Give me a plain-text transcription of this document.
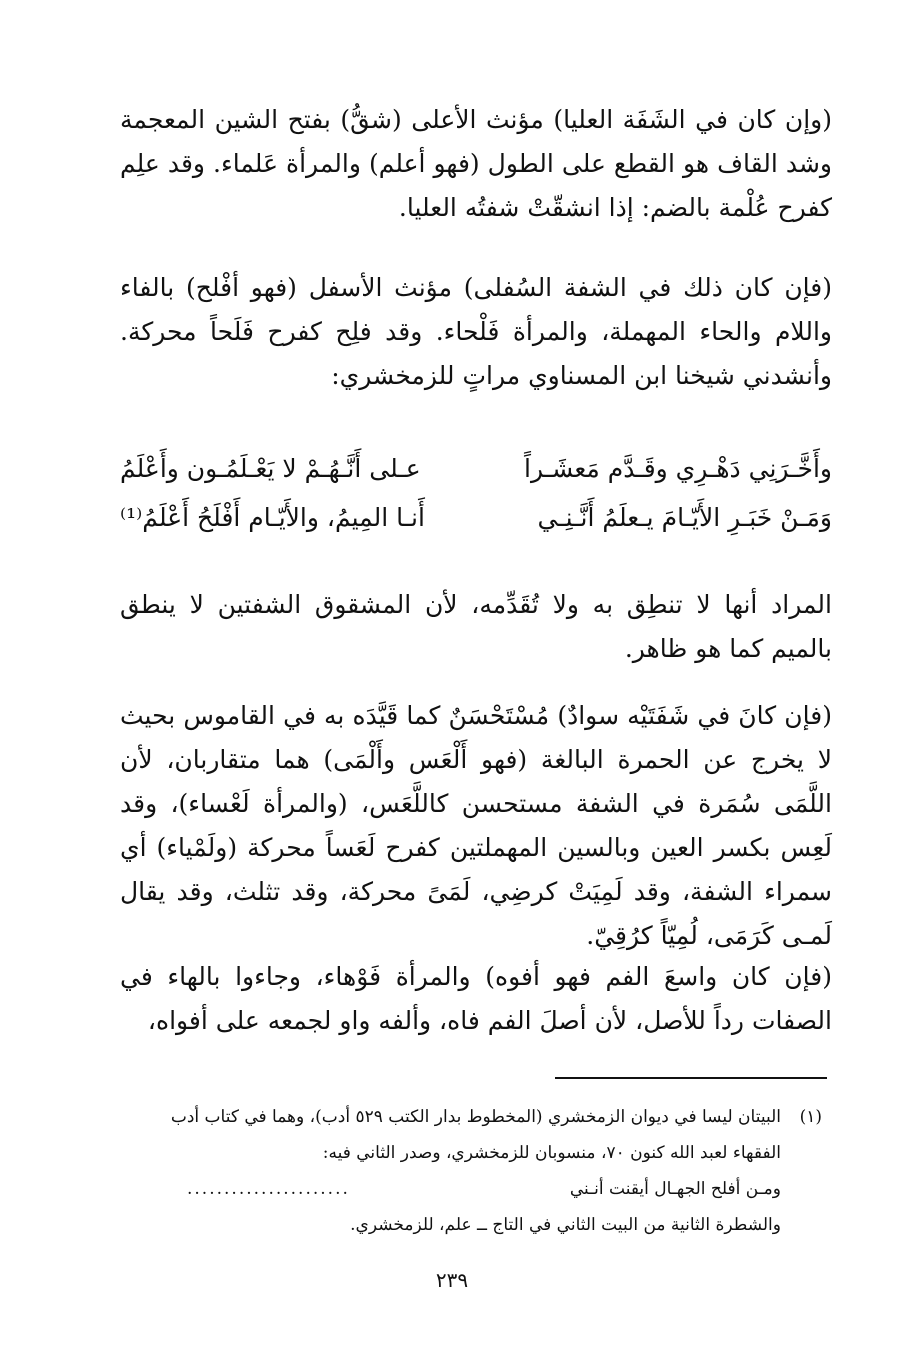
(وإن كان في الشَفَة العليا) مؤنث الأعلى (شقُّ) بفتح الشين المعجمة وشد القاف هو القطع على الطول (فهو أعلم) والمرأة عَلماء. وقد علِم كفرح عُلْمة بالضم: إذا انشقّتْ شفتُه العليا.

(فإن كان ذلك في الشفة السُفلى) مؤنث الأسفل (فهو أفْلح) بالفاء واللام والحاء المهملة، والمرأة فَلْحاء. وقد فلِح كفرح فَلَحاً محركة. وأنشدني شيخنا ابن المسناوي مراتٍ للزمخشري:

وأَخَّـرَنِي دَهْـرِي وقَـدَّم مَعشَـراً
عـلى أَنَّـهُـمْ لا يَعْـلَمُـون وأَعْلَمُ
وَمَـنْ خَبَـرِ الأَيّـامَ يـعلَمُ أَنَّـنِـي
أَنـا المِيمُ، والأَيّـام أَفْلَحُ أَعْلَمُ⁽¹⁾

المراد أنها لا تنطِق به ولا تُقَدِّمه، لأن المشقوق الشفتين لا ينطق بالميم كما هو ظاهر.

(فإن كانَ في شَفَتَيْه سوادٌ) مُسْتَحْسَنٌ كما قَيَّدَه به في القاموس بحيث لا يخرج عن الحمرة البالغة (فهو أَلْعَس وأَلْمَى) هما متقاربان، لأن اللَّمَى سُمَرة في الشفة مستحسن كاللَّعَس، (والمرأة لَعْساء)، وقد لَعِس بكسر العين وبالسين المهملتين كفرح لَعَساً محركة (ولَمْياء) أي سمراء الشفة، وقد لَمِيَتْ كرضِي، لَمَىً محركة، وقد تثلث، وقد يقال لَمـى كَرَمَى، لُمِيّاً كرُقِيّ.

(فإن كان واسعَ الفم فهو أفوه) والمرأة فَوْهاء، وجاءوا بالهاء في الصفات رداً للأصل، لأن أصلَ الفم فاه، وألفه واو لجمعه على أفواه،

(١)
البيتان ليسا في ديوان الزمخشري (المخطوط بدار الكتب ٥٢٩ أدب)، وهما في كتاب أدب
الفقهاء لعبد الله كنون ٧٠، منسوبان للزمخشري، وصدر الثاني فيه:
ومـن أفلح الجهـال أيقنت أنـني
......................
والشطرة الثانية من البيت الثاني في التاج ــ علم، للزمخشري.
٢٣٩
